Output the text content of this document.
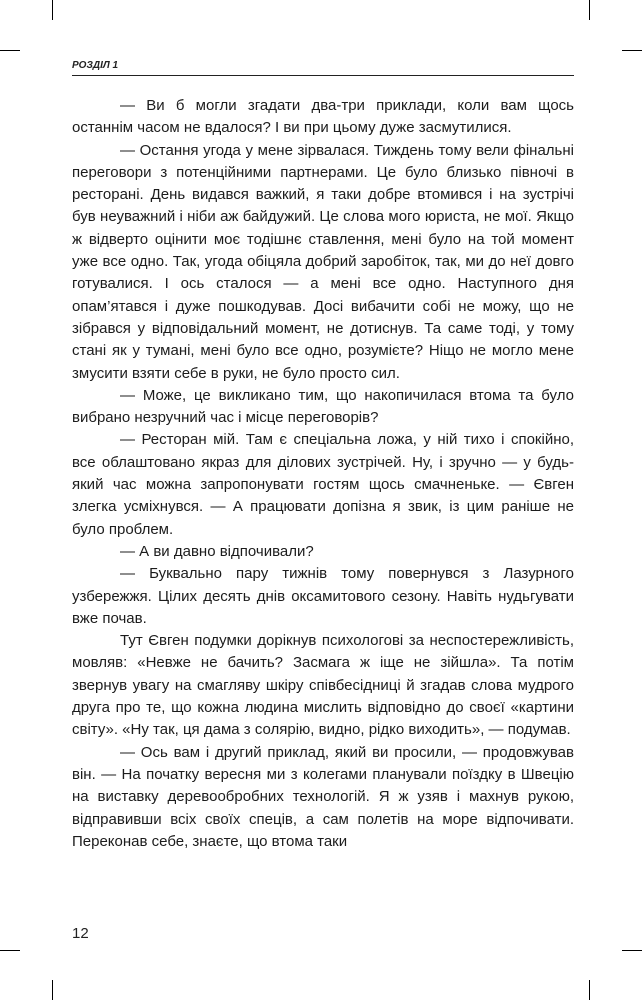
РОЗДІЛ 1

— Ви б могли згадати два-три приклади, коли вам щось останнім часом не вдалося? І ви при цьому дуже засмутилися.

— Остання угода у мене зірвалася. Тиждень тому вели фінальні переговори з потенційними партнерами. Це було близько півночі в ресторані. День видався важкий, я таки добре втомився і на зустрічі був неуважний і ніби аж байдужий. Це слова мого юриста, не мої. Якщо ж відверто оцінити моє тодішнє ставлення, мені було на той момент уже все одно. Так, угода обіцяла добрий заробіток, так, ми до неї довго готувалися. І ось сталося — а мені все одно. Наступного дня опам’ятався і дуже пошкодував. Досі вибачити собі не можу, що не зібрався у відповідальний момент, не дотиснув. Та саме тоді, у тому стані як у тумані, мені було все одно, розумієте? Ніщо не могло мене змусити взяти себе в руки, не було просто сил.

— Може, це викликано тим, що накопичилася втома та було вибрано незручний час і місце переговорів?

— Ресторан мій. Там є спеціальна ложа, у ній тихо і спокійно, все облаштовано якраз для ділових зустрічей. Ну, і зручно — у будь-який час можна запропонувати гостям щось смачненьке. — Євген злегка усміхнувся. — А працювати допізна я звик, із цим раніше не було проблем.

— А ви давно відпочивали?

— Буквально пару тижнів тому повернувся з Лазурного узбережжя. Цілих десять днів оксамитового сезону. Навіть нудьгувати вже почав.

Тут Євген подумки дорікнув психологові за неспостережливість, мовляв: «Невже не бачить? Засмага ж іще не зійшла». Та потім звернув увагу на смагляву шкіру співбесідниці й згадав слова мудрого друга про те, що кожна людина мислить відповідно до своєї «картини світу». «Ну так, ця дама з солярію, видно, рідко виходить», — подумав.

— Ось вам і другий приклад, який ви просили, — продовжував він. — На початку вересня ми з колегами планували поїздку в Швецію на виставку деревообробних технологій. Я ж узяв і махнув рукою, відправивши всіх своїх спеців, а сам полетів на море відпочивати. Переконав себе, знаєте, що втома таки

12
